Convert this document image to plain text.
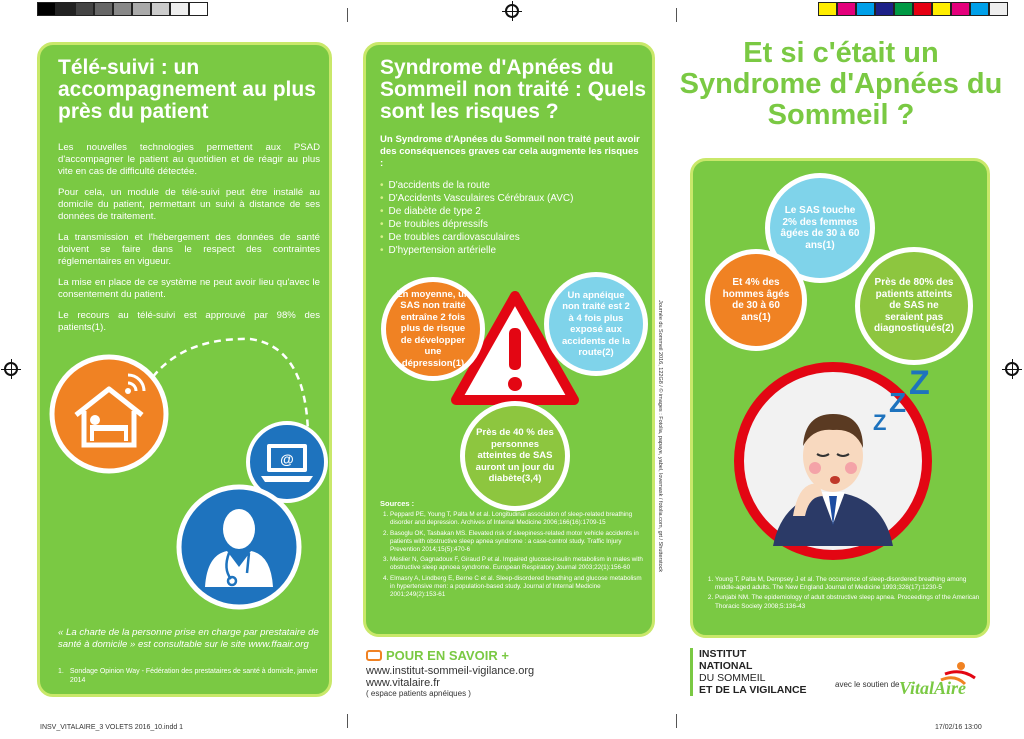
Télé-suivi : un accompagnement au plus près du patient

Les nouvelles technologies permettent aux PSAD d'accompagner le patient au quotidien et de réagir au plus vite en cas de difficulté détectée.

Pour cela, un module de télé-suivi peut être installé au domicile du patient, permettant un suivi à distance de ses données de traitement.

La transmission et l'hébergement des données de santé doivent se faire dans le respect des contraintes réglementaires en vigueur.

La mise en place de ce système ne peut avoir lieu qu'avec le consentement du patient.

Le recours au télé-suivi est approuvé par 98% des patients(1).

@

« La charte de la personne prise en charge par prestataire de santé à domicile » est consultable sur le site www.ffaair.org

1. Sondage Opinion Way - Fédération des prestataires de santé à domicile, janvier 2014
Syndrome d'Apnées du Sommeil non traité : Quels sont les risques ?

Un Syndrome d'Apnées du Sommeil non traité peut avoir des conséquences graves car cela augmente les risques :

• D'accidents de la route
• D'Accidents Vasculaires Cérébraux (AVC)
• De diabète de type 2
• De troubles dépressifs
• De troubles cardiovasculaires
• D'hypertension artérielle
En moyenne, un SAS non traité entraîne 2 fois plus de risque de développer une dépression(1)
Un apnéique non traité est 2 à 4 fois plus exposé aux accidents de la route(2)
Près de 40 % des personnes atteintes de SAS auront un jour du diabète(3,4)
Sources :
1. Peppard PE, Young T, Palta M et al. Longitudinal association of sleep-related breathing disorder and depression. Archives of Internal Medicine 2006;166(16):1709-15
2. Basoglu OK, Tasbakan MS. Elevated risk of sleepiness-related motor vehicle accidents in patients with obstructive sleep apnea syndrome : a case-control study. Traffic Injury Prevention 2014;15(5):470-6
3. Meslier N, Gagnadoux F, Giraud P et al. Impaired glucose-insulin metabolism in males with obstructive sleep apnoea syndrome. European Respiratory Journal 2003;22(1):156-60
4. Elmasry A, Lindberg E, Berne C et al. Sleep-disordered breathing and glucose metabolism in hypertensive men: a population-based study. Journal of Internal Medicine 2001;249(2):153-61
Journée du Sommeil 2016, 122G8 / © images : Fotolia, papaye, yabel, lovemask / fotolia.com, grt / Shutterstock
Et si c'était un Syndrome d'Apnées du Sommeil ?
Le SAS touche 2% des femmes âgées de 30 à 60 ans(1)
Et 4% des hommes âgés de 30 à 60 ans(1)
Près de 80% des patients atteints de SAS ne seraient pas diagnostiqués(2)
Z
Z
Z
1. Young T, Palta M, Dempsey J et al. The occurrence of sleep-disordered breathing among middle-aged adults. The New England Journal of Medicine 1993;328(17):1230-5
2. Punjabi NM. The epidemiology of adult obstructive sleep apnea. Proceedings of the American Thoracic Society 2008;5:136-43
POUR EN SAVOIR +
www.institut-sommeil-vigilance.org
www.vitalaire.fr
( espace patients apnéiques )
INSTITUT
NATIONAL
DU SOMMEIL
ET DE LA VIGILANCE	avec le soutien de VitalAire
INSV_VITALAIRE_3 VOLETS 2016_10.indd 1	17/02/16 13:00
